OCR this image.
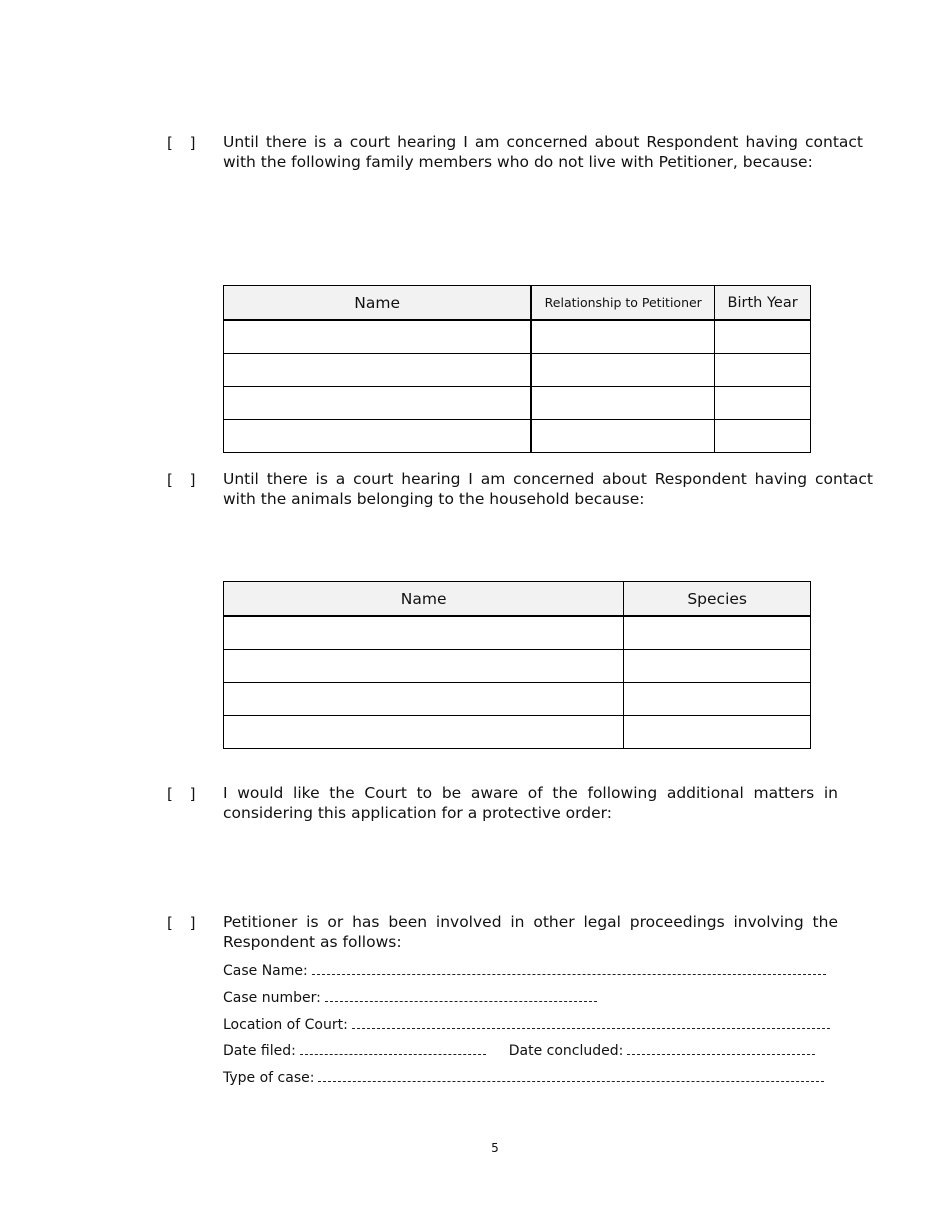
[ ] Until there is a court hearing I am concerned about Respondent having contact with the following family members who do not live with Petitioner, because:
Name	Relationship to Petitioner	Birth Year

[ ] Until there is a court hearing I am concerned about Respondent having contact with the animals belonging to the household because:
Name	Species

[ ] I would like the Court to be aware of the following additional matters in considering this application for a protective order:
[ ] Petitioner is or has been involved in other legal proceedings involving the Respondent as follows:
Case Name:
Case number:
Location of Court:
Date filed:	Date concluded:
Type of case:
5
